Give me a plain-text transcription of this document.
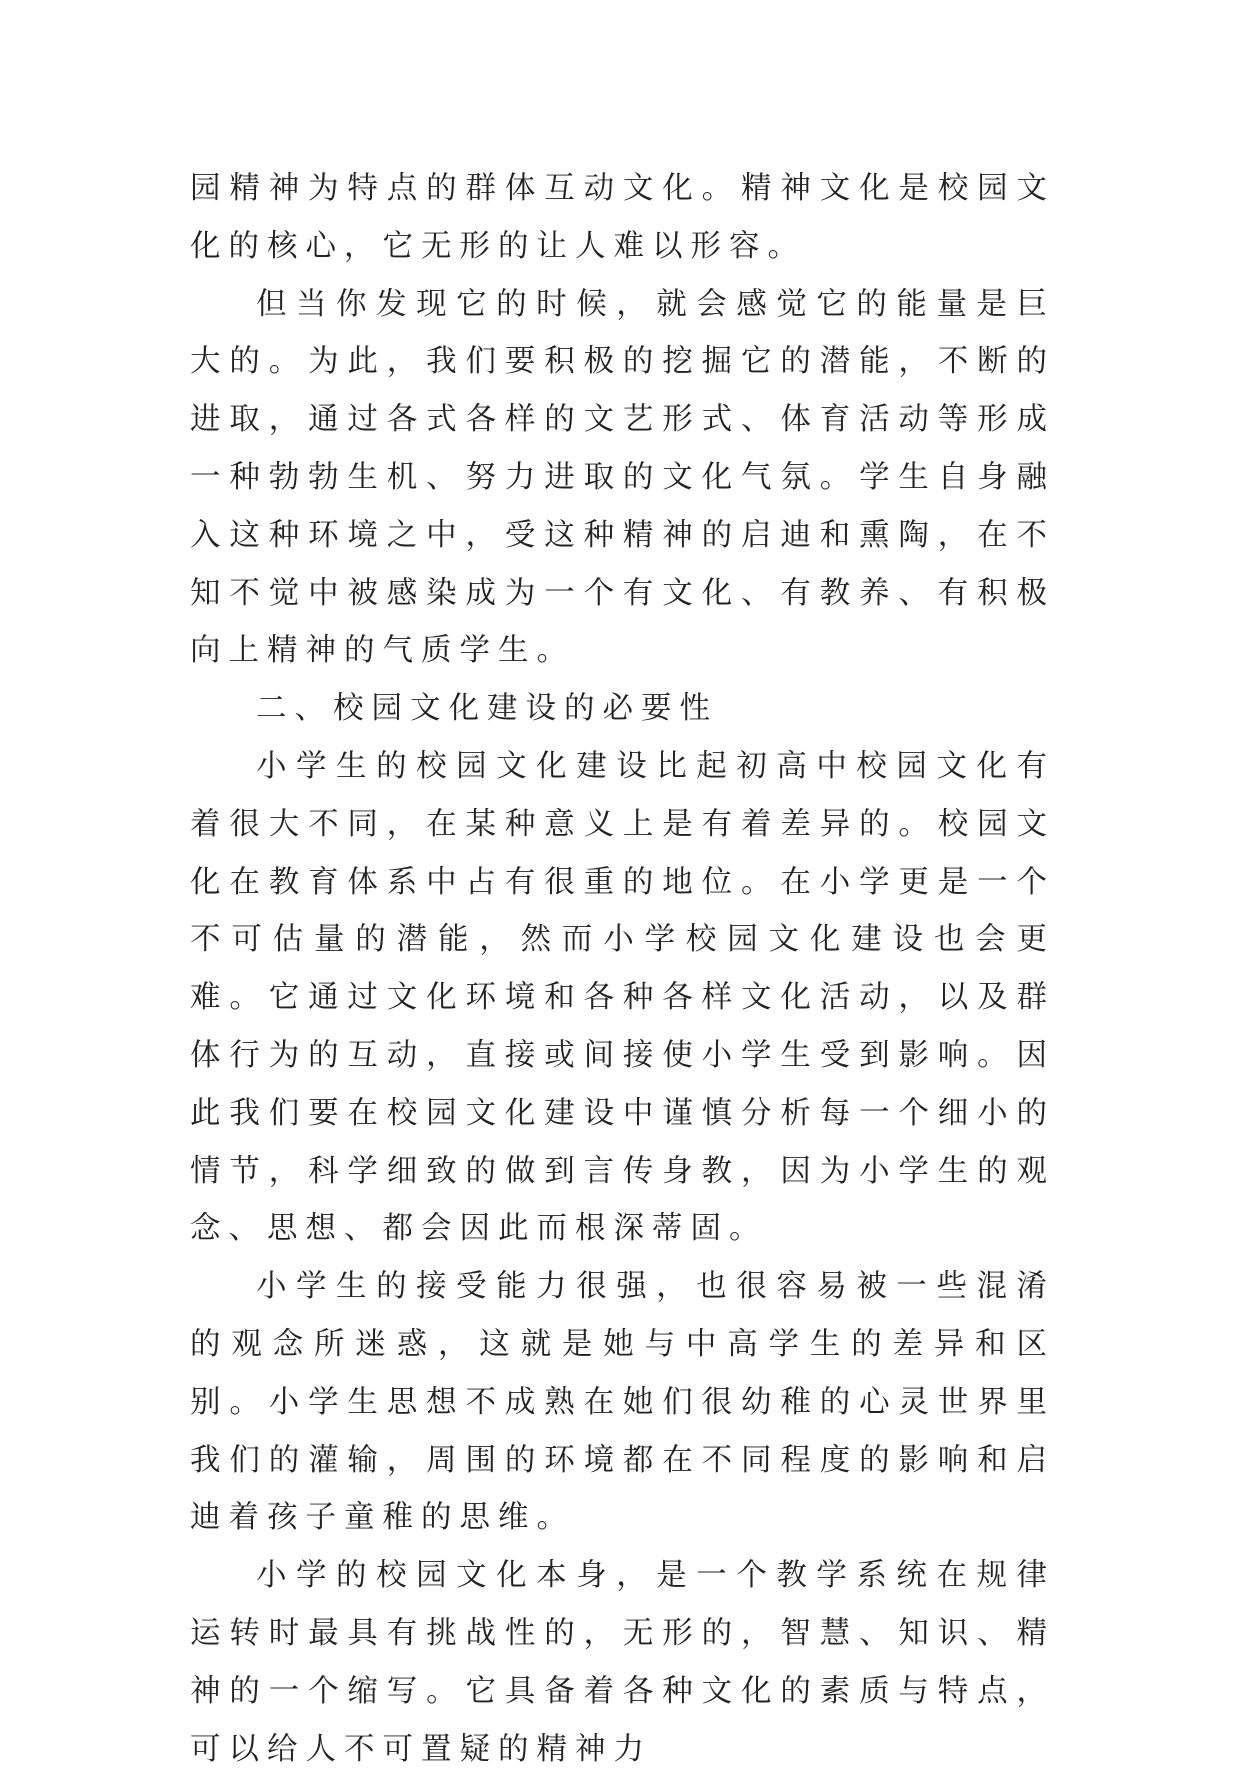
园精神为特点的群体互动文化。精神文化是校园文化的核心，它无形的让人难以形容。

但当你发现它的时候，就会感觉它的能量是巨大的。为此，我们要积极的挖掘它的潜能，不断的进取，通过各式各样的文艺形式、体育活动等形成一种勃勃生机、努力进取的文化气氛。学生自身融入这种环境之中，受这种精神的启迪和熏陶，在不知不觉中被感染成为一个有文化、有教养、有积极向上精神的气质学生。

二、校园文化建设的必要性

小学生的校园文化建设比起初高中校园文化有着很大不同，在某种意义上是有着差异的。校园文化在教育体系中占有很重的地位。在小学更是一个不可估量的潜能，然而小学校园文化建设也会更难。它通过文化环境和各种各样文化活动，以及群体行为的互动，直接或间接使小学生受到影响。因此我们要在校园文化建设中谨慎分析每一个细小的情节，科学细致的做到言传身教，因为小学生的观念、思想、都会因此而根深蒂固。

小学生的接受能力很强，也很容易被一些混淆的观念所迷惑，这就是她与中高学生的差异和区别。小学生思想不成熟在她们很幼稚的心灵世界里我们的灌输，周围的环境都在不同程度的影响和启迪着孩子童稚的思维。

小学的校园文化本身，是一个教学系统在规律运转时最具有挑战性的，无形的，智慧、知识、精神的一个缩写。它具备着各种文化的素质与特点，可以给人不可置疑的精神力
